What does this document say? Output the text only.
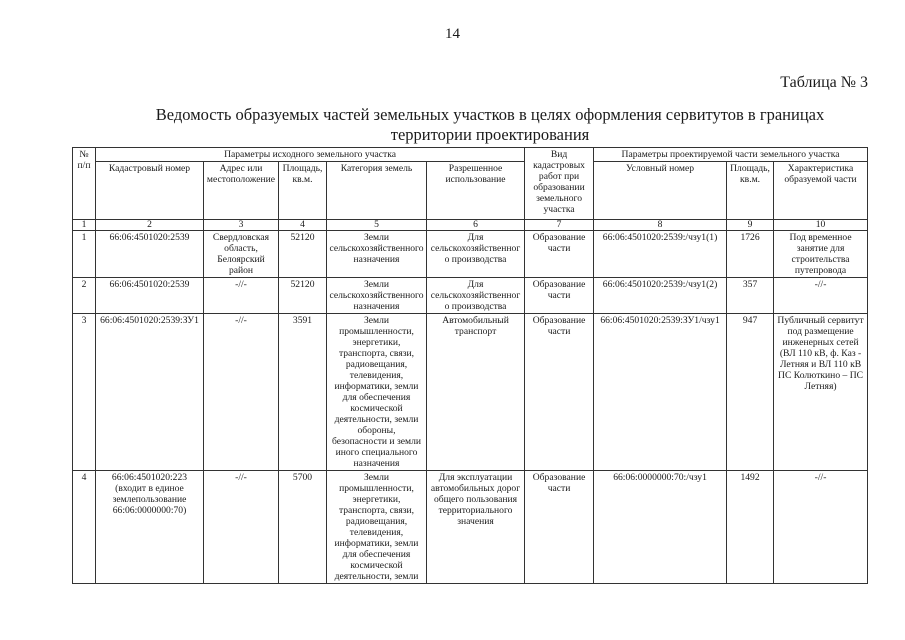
14
Таблица № 3
Ведомость образуемых частей земельных участков в целях оформления сервитутов в границах территории проектирования
№ п/п	Параметры исходного земельного участка					Вид кадастровых работ при образовании земельного участка	Параметры проектируемой части земельного участка		
	Кадастровый номер	Адрес или местоположение	Площадь, кв.м.	Категория земель	Разрешенное использование		Условный номер	Площадь, кв.м.	Характеристика образуемой части
1	2	3	4	5	6	7	8	9	10
1	66:06:4501020:2539	Свердловская область, Белоярский район	52120	Земли сельскохозяйственного назначения	Для сельскохозяйственного производства	Образование части	66:06:4501020:2539:/чзу1(1)	1726	Под временное занятие для строительства путепровода
2	66:06:4501020:2539	-//-	52120	Земли сельскохозяйственного назначения	Для сельскохозяйственного производства	Образование части	66:06:4501020:2539:/чзу1(2)	357	-//-
3	66:06:4501020:2539:ЗУ1	-//-	3591	Земли промышленности, энергетики, транспорта, связи, радиовещания, телевидения, информатики, земли для обеспечения космической деятельности, земли обороны, безопасности и земли иного специального назначения	Автомобильный транспорт	Образование части	66:06:4501020:2539:ЗУ1/чзу1	947	Публичный сервитут под размещение инженерных сетей (ВЛ 110 кВ, ф. Каз - Летняя и ВЛ 110 кВ ПС Колюткино – ПС Летняя)
4	66:06:4501020:223 (входит в единое землепользование 66:06:0000000:70)	-//-	5700	Земли промышленности, энергетики, транспорта, связи, радиовещания, телевидения, информатики, земли для обеспечения космической деятельности, земли	Для эксплуатации автомобильных дорог общего пользования территориального значения	Образование части	66:06:0000000:70:/чзу1	1492	-//-
